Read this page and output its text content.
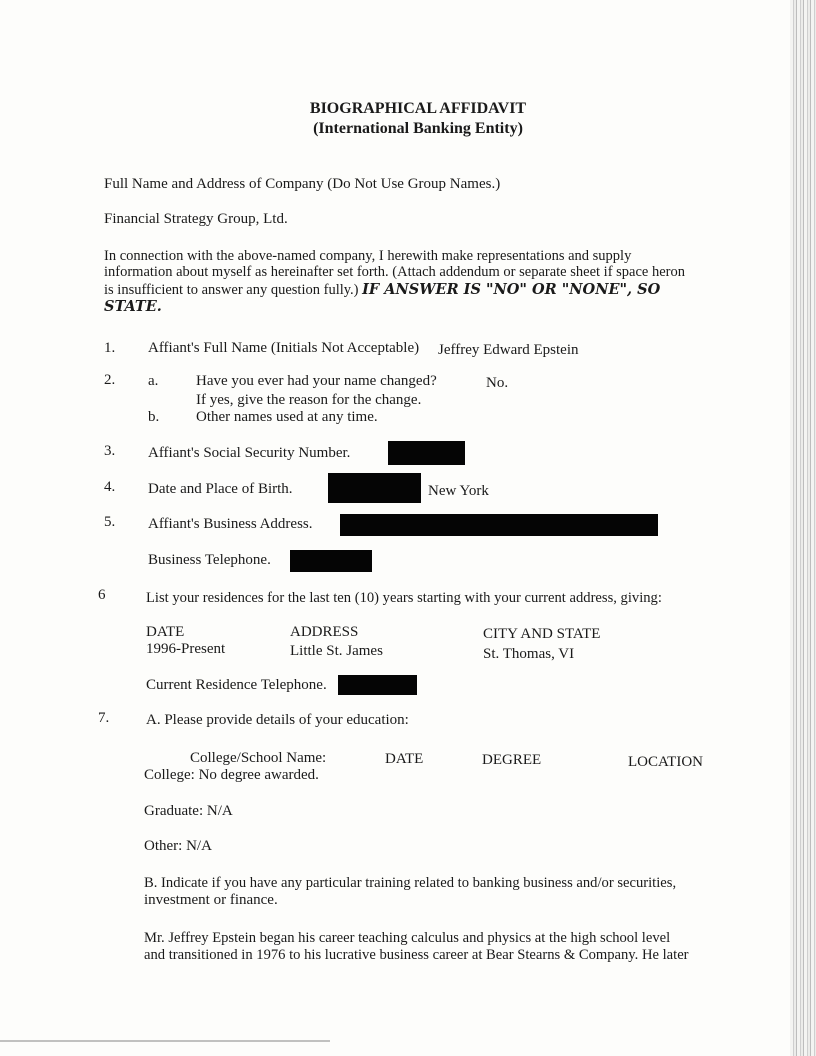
BIOGRAPHICAL AFFIDAVIT
(International Banking Entity)
Full Name and Address of Company (Do Not Use Group Names.)
Financial Strategy Group, Ltd.
In connection with the above-named company, I herewith make representations and supply
information about myself as hereinafter set forth. (Attach addendum or separate sheet if space heron
is insufficient to answer any question fully.) IF ANSWER IS "NO" OR "NONE", SO
STATE.
1. Affiant's Full Name (Initials Not Acceptable) Jeffrey Edward Epstein
2. a.	Have you ever had your name changed?	No.
If yes, give the reason for the change.
b. Other names used at any time.
3. Affiant's Social Security Number.
4. Date and Place of Birth.	New York
5. Affiant's Business Address.
Business Telephone.
6	List your residences for the last ten (10) years starting with your current address, giving:
DATE	ADDRESS	CITY AND STATE
1996-Present	Little St. James	St. Thomas, VI
Current Residence Telephone.
7. A. Please provide details of your education:
College/School Name:	DATE	DEGREE	LOCATION
College: No degree awarded.
Graduate: N/A
Other: N/A
B. Indicate if you have any particular training related to banking business and/or securities,
investment or finance.
Mr. Jeffrey Epstein began his career teaching calculus and physics at the high school level
and transitioned in 1976 to his lucrative business career at Bear Stearns & Company. He later
